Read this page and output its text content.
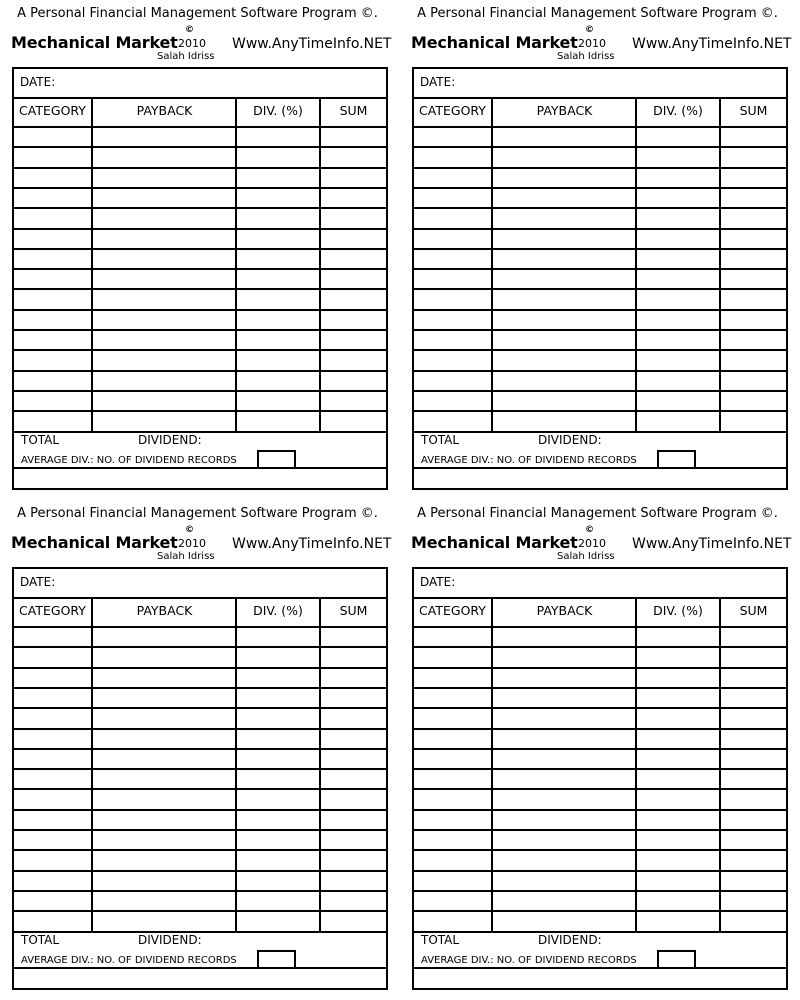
A Personal Financial Management Software Program ©.
Mechanical Market
©
2010
Salah Idriss
Www.AnyTimeInfo.NET
DATE:
CATEGORY	PAYBACK	DIV. (%)	SUM
TOTAL	DIVIDEND:
AVERAGE DIV.: NO. OF DIVIDEND RECORDS
A Personal Financial Management Software Program ©.
Mechanical Market
©
2010
Salah Idriss
Www.AnyTimeInfo.NET
DATE:
CATEGORY	PAYBACK	DIV. (%)	SUM
TOTAL	DIVIDEND:
AVERAGE DIV.: NO. OF DIVIDEND RECORDS
A Personal Financial Management Software Program ©.
Mechanical Market
©
2010
Salah Idriss
Www.AnyTimeInfo.NET
DATE:
CATEGORY	PAYBACK	DIV. (%)	SUM
TOTAL	DIVIDEND:
AVERAGE DIV.: NO. OF DIVIDEND RECORDS
A Personal Financial Management Software Program ©.
Mechanical Market
©
2010
Salah Idriss
Www.AnyTimeInfo.NET
DATE:
CATEGORY	PAYBACK	DIV. (%)	SUM
TOTAL	DIVIDEND:
AVERAGE DIV.: NO. OF DIVIDEND RECORDS
